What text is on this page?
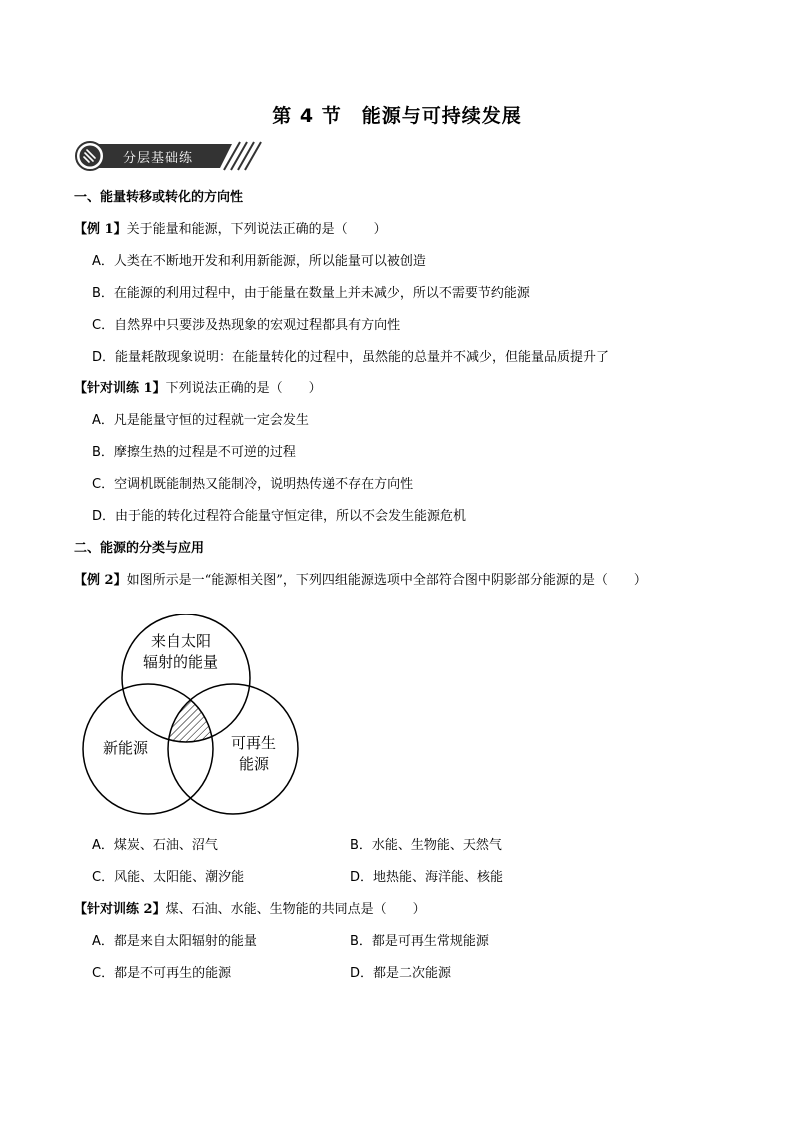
第 4 节　能源与可持续发展
分层基础练
一、能量转移或转化的方向性
【例 1】关于能量和能源，下列说法正确的是（　　）
A．人类在不断地开发和利用新能源，所以能量可以被创造
B．在能源的利用过程中，由于能量在数量上并未减少，所以不需要节约能源
C．自然界中只要涉及热现象的宏观过程都具有方向性
D．能量耗散现象说明：在能量转化的过程中，虽然能的总量并不减少，但能量品质提升了
【针对训练 1】下列说法正确的是（　　）
A．凡是能量守恒的过程就一定会发生
B．摩擦生热的过程是不可逆的过程
C．空调机既能制热又能制冷，说明热传递不存在方向性
D．由于能的转化过程符合能量守恒定律，所以不会发生能源危机
二、能源的分类与应用
【例 2】如图所示是一“能源相关图”，下列四组能源选项中全部符合图中阴影部分能源的是（　　）
来自太阳
辐射的能量
新能源	可再生
能源
A．煤炭、石油、沼气	B．水能、生物能、天然气
C．风能、太阳能、潮汐能	D．地热能、海洋能、核能
【针对训练 2】煤、石油、水能、生物能的共同点是（　　）
A．都是来自太阳辐射的能量	B．都是可再生常规能源
C．都是不可再生的能源	D．都是二次能源
